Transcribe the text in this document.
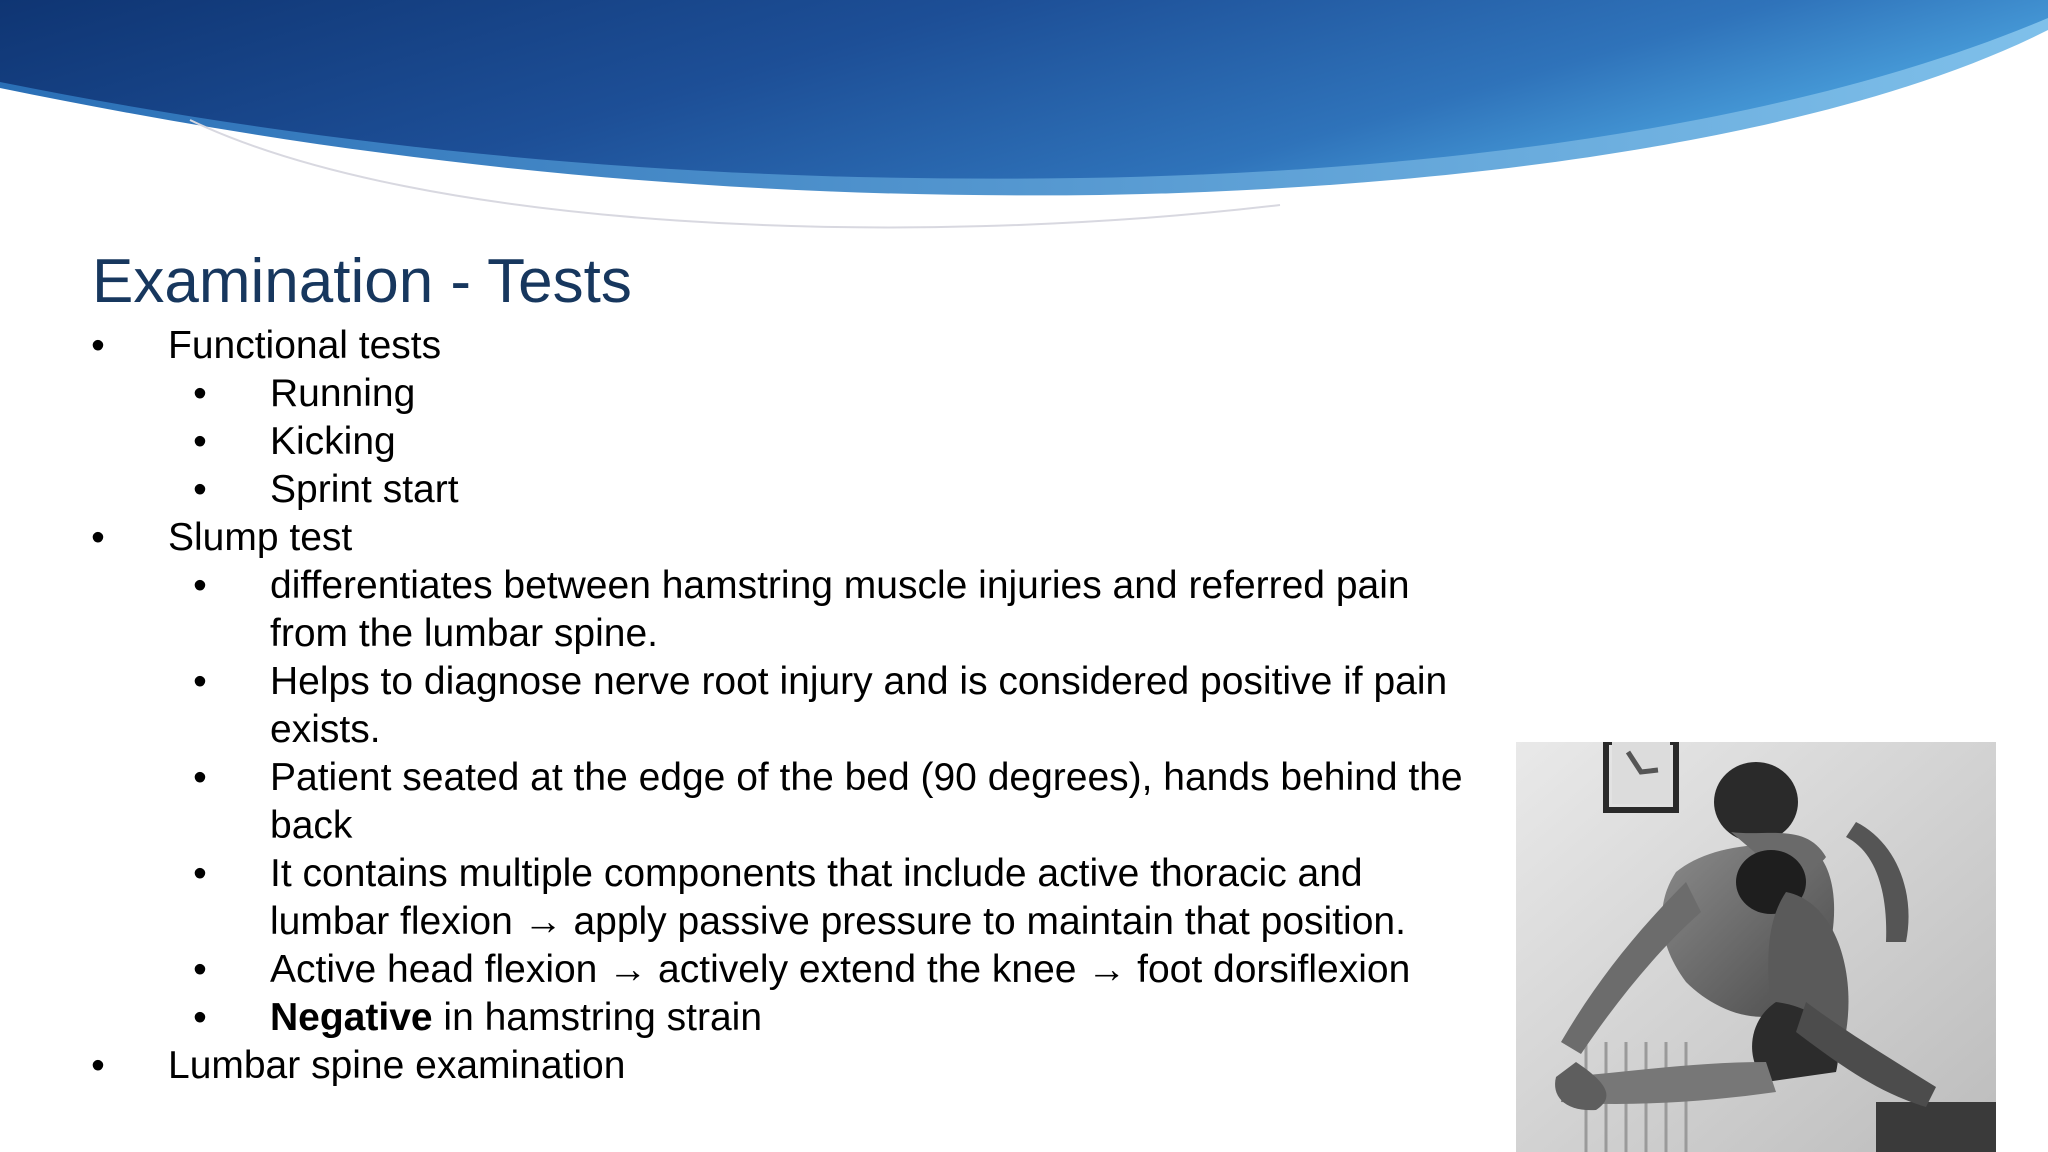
Examination - Tests
• Functional tests
• Running
• Kicking
• Sprint start
• Slump test
• differentiates between hamstring muscle injuries and referred pain
from the lumbar spine.
• Helps to diagnose nerve root injury and is considered positive if pain
exists.
• Patient seated at the edge of the bed (90 degrees), hands behind the
back
• It contains multiple components that include active thoracic and
lumbar flexion → apply passive pressure to maintain that position.
• Active head flexion → actively extend the knee → foot dorsiflexion
• Negative in hamstring strain
• Lumbar spine examination
